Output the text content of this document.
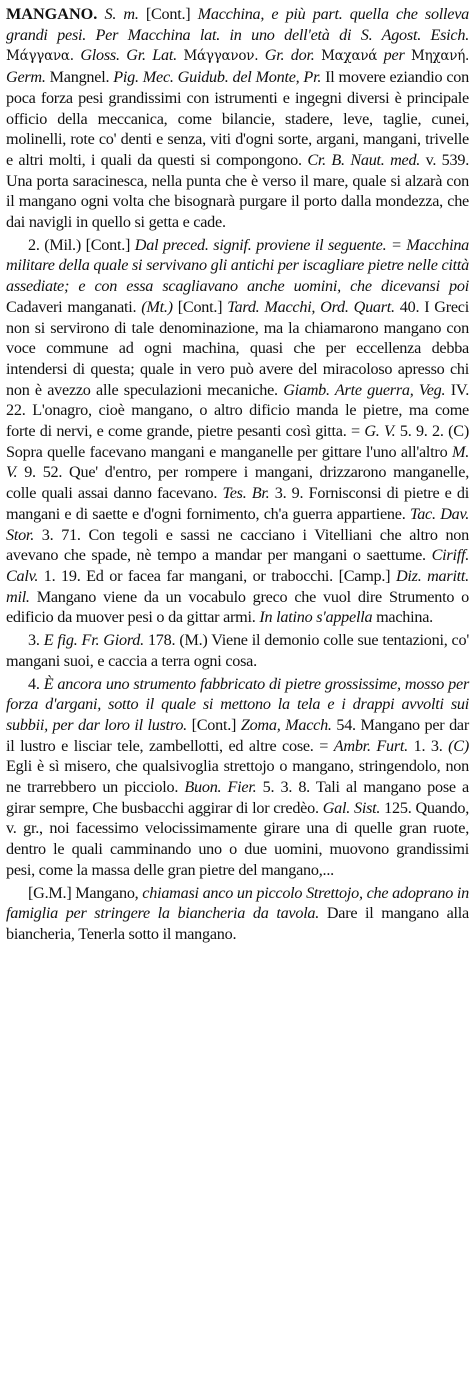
MANGANO. S. m. [Cont.] Macchina, e più part. quella che solleva grandi pesi. Per Macchina lat. in uno dell'età di S. Agost. Esich. Μάγγανα. Gloss. Gr. Lat. Μάγγανον. Gr. dor. Μαχανά per Μηχανή. Germ. Mangnel. Pig. Mec. Guidub. del Monte, Pr. Il movere eziandio con poca forza pesi grandissimi con istrumenti e ingegni diversi è principale officio della meccanica, come bilancie, stadere, leve, taglie, cunei, molinelli, rote co' denti e senza, viti d'ogni sorte, argani, mangani, trivelle e altri molti, i quali da questi si compongono. Cr. B. Naut. med. v. 539. Una porta saracinesca, nella punta che è verso il mare, quale si alzarà con il mangano ogni volta che bisognarà purgare il porto dalla mondezza, che dai navigli in quello si getta e cade.

2. (Mil.) [Cont.] Dal preced. signif. proviene il seguente. = Macchina militare della quale si servivano gli antichi per iscagliare pietre nelle città assediate; e con essa scagliavano anche uomini, che dicevansi poi Cadaveri manganati. (Mt.) [Cont.] Tard. Macchi, Ord. Quart. 40. I Greci non si servirono di tale denominazione, ma la chiamarono mangano con voce commune ad ogni machina, quasi che per eccellenza debba intendersi di questa; quale in vero può avere del miracoloso apresso chi non è avezzo alle speculazioni mecaniche. Giamb. Arte guerra, Veg. IV. 22. L'onagro, cioè mangano, o altro dificio manda le pietre, ma come forte di nervi, e come grande, pietre pesanti così gitta. = G. V. 5. 9. 2. (C) Sopra quelle facevano mangani e manganelle per gittare l'uno all'altro M. V. 9. 52. Que' d'entro, per rompere i mangani, drizzarono manganelle, colle quali assai danno facevano. Tes. Br. 3. 9. Fornisconsi di pietre e di mangani e di saette e d'ogni fornimento, ch'a guerra appartiene. Tac. Dav. Stor. 3. 71. Con tegoli e sassi ne cacciano i Vitelliani che altro non avevano che spade, nè tempo a mandar per mangani o saettume. Ciriff. Calv. 1. 19. Ed or facea far mangani, or trabocchi. [Camp.] Diz. maritt. mil. Mangano viene da un vocabulo greco che vuol dire Strumento o edificio da muover pesi o da gittar armi. In latino s'appella machina.

3. E fig. Fr. Giord. 178. (M.) Viene il demonio colle sue tentazioni, co' mangani suoi, e caccia a terra ogni cosa.

4. È ancora uno strumento fabbricato di pietre grossissime, mosso per forza d'argani, sotto il quale si mettono la tela e i drappi avvolti sui subbii, per dar loro il lustro. [Cont.] Zoma, Macch. 54. Mangano per dar il lustro e lisciar tele, zambellotti, ed altre cose. = Ambr. Furt. 1. 3. (C) Egli è sì misero, che qualsivoglia strettojo o mangano, stringendolo, non ne trarrebbero un picciolo. Buon. Fier. 5. 3. 8. Tali al mangano pose a girar sempre, Che busbacchi aggirar di lor credèo. Gal. Sist. 125. Quando, v. gr., noi facessimo velocissimamente girare una di quelle gran ruote, dentro le quali camminando uno o due uomini, muovono grandissimi pesi, come la massa delle gran pietre del mangano,...

[G.M.] Mangano, chiamasi anco un piccolo Strettojo, che adoprano in famiglia per stringere la biancheria da tavola. Dare il mangano alla biancheria, Tenerla sotto il mangano.
